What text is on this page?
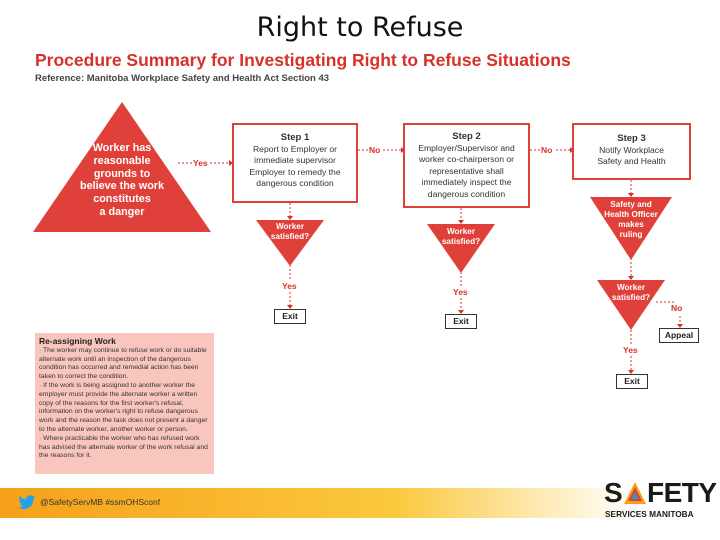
Right to Refuse
Procedure Summary for Investigating Right to Refuse Situations
Reference: Manitoba Workplace Safety and Health Act Section 43
Worker has
reasonable
grounds to
believe the work
constitutes
a danger
Yes
No	No
Yes
Yes
Yes
No
Step 1
Report to Employer or
immediate supervisor
Employer to remedy the
dangerous condition
Step 2
Employer/Supervisor and
worker co-chairperson or
representative shall
immediately inspect the
dangerous condition
Step 3
Notify Workplace
Safety and Health
Worker
satisfied?
Worker
satisfied?
Safety and
Health Officer
makes
ruling
Worker
satisfied?
Exit	Exit
Exit
Appeal
Re-assigning Work
· The worker may continue to refuse work or do suitable alternate work until an inspection of the dangerous condition has occurred and remedial action has been taken to correct the condition.
· If the work is being assigned to another worker the employer must provide the alternate worker a written copy of the reasons for the first worker's refusal, information on the worker's right to refuse dangerous work and the reason the task does not present a danger to the alternate worker, another worker or person.
· Where practicable the worker who has refused work has advised the alternate worker of the work refusal and the reasons for it.
@SafetyServMB #ssmOHSconf	S FETY
SERVICES MANITOBA
